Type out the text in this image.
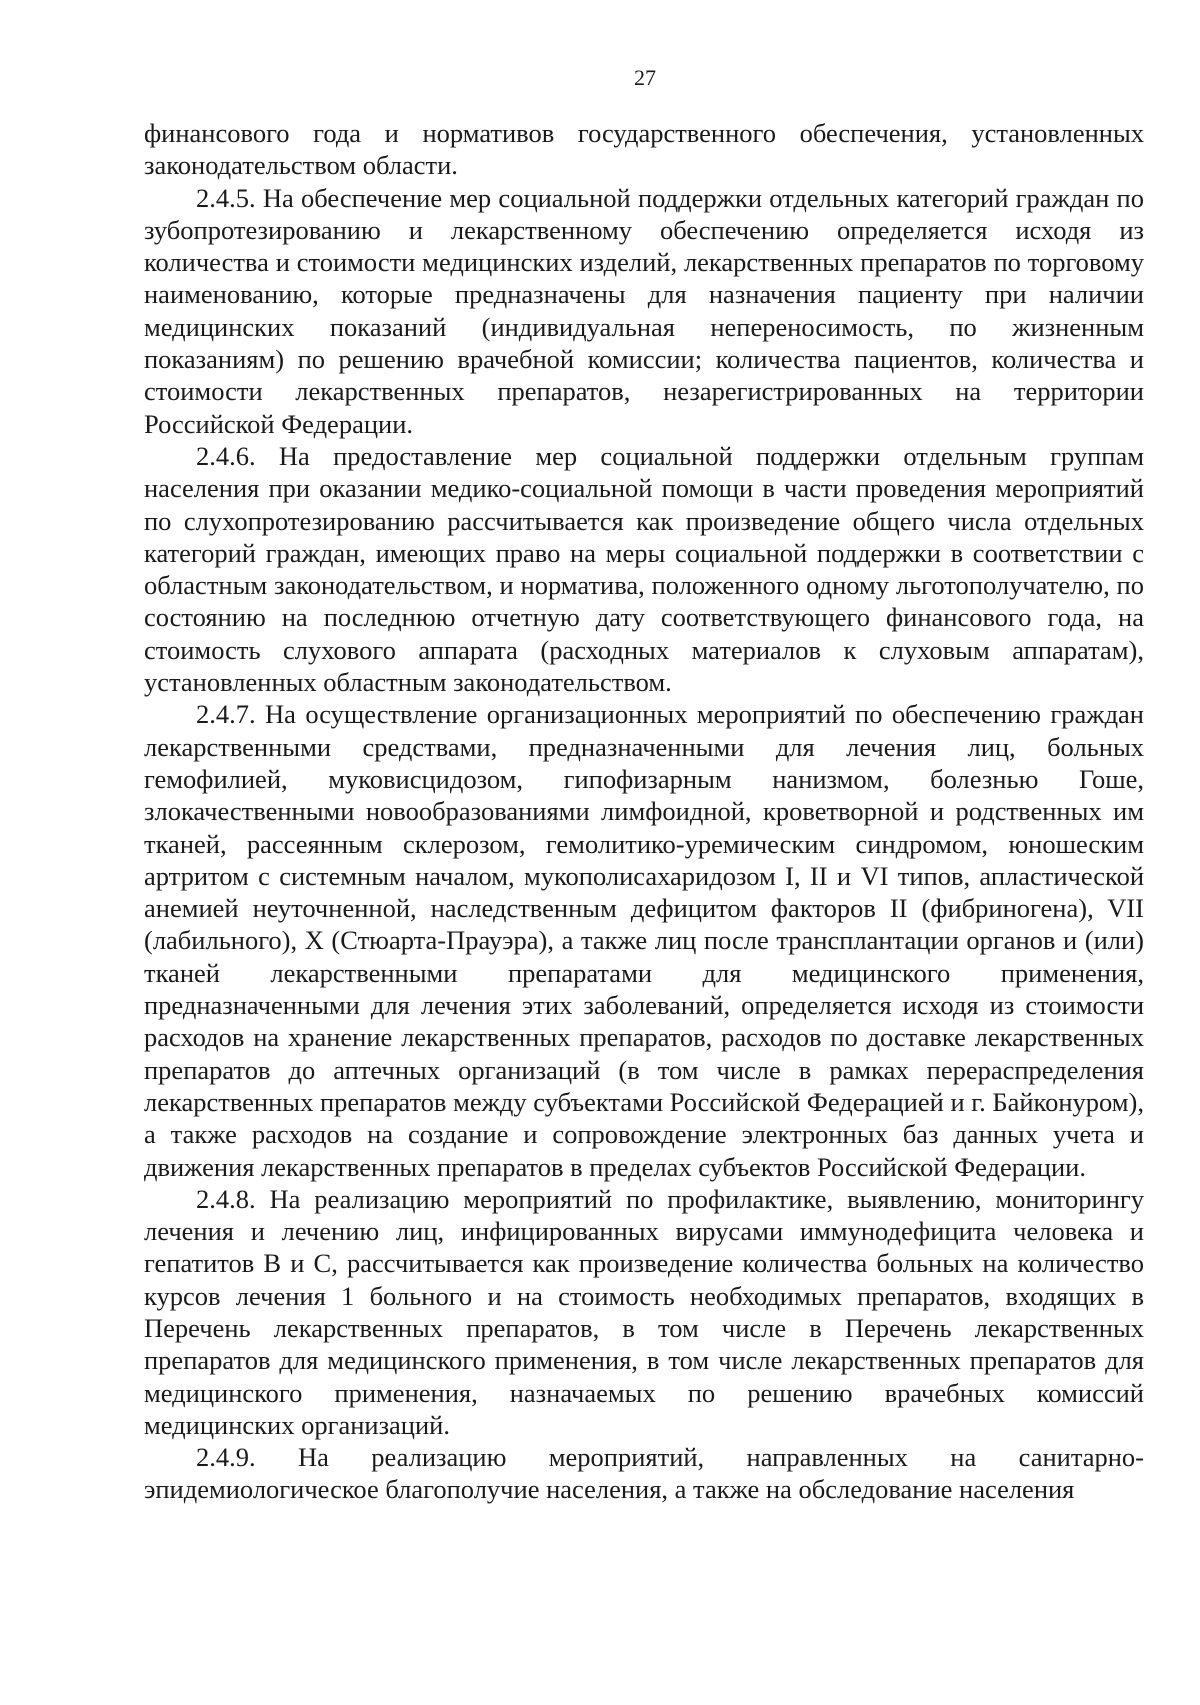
27

финансового года и нормативов государственного обеспечения, установленных законодательством области.

2.4.5. На обеспечение мер социальной поддержки отдельных категорий граждан по зубопротезированию и лекарственному обеспечению определяется исходя из количества и стоимости медицинских изделий, лекарственных препаратов по торговому наименованию, которые предназначены для назначения пациенту при наличии медицинских показаний (индивидуальная непереносимость, по жизненным показаниям) по решению врачебной комиссии; количества пациентов, количества и стоимости лекарственных препаратов, незарегистрированных на территории Российской Федерации.

2.4.6. На предоставление мер социальной поддержки отдельным группам населения при оказании медико-социальной помощи в части проведения мероприятий по слухопротезированию рассчитывается как произведение общего числа отдельных категорий граждан, имеющих право на меры социальной поддержки в соответствии с областным законодательством, и норматива, положенного одному льготополучателю, по состоянию на последнюю отчетную дату соответствующего финансового года, на стоимость слухового аппарата (расходных материалов к слуховым аппаратам), установленных областным законодательством.

2.4.7. На осуществление организационных мероприятий по обеспечению граждан лекарственными средствами, предназначенными для лечения лиц, больных гемофилией, муковисцидозом, гипофизарным нанизмом, болезнью Гоше, злокачественными новообразованиями лимфоидной, кроветворной и родственных им тканей, рассеянным склерозом, гемолитико-уремическим синдромом, юношеским артритом с системным началом, мукополисахаридозом I, II и VI типов, апластической анемией неуточненной, наследственным дефицитом факторов II (фибриногена), VII (лабильного), X (Стюарта-Прауэра), а также лиц после трансплантации органов и (или) тканей лекарственными препаратами для медицинского применения, предназначенными для лечения этих заболеваний, определяется исходя из стоимости расходов на хранение лекарственных препаратов, расходов по доставке лекарственных препаратов до аптечных организаций (в том числе в рамках перераспределения лекарственных препаратов между субъектами Российской Федерацией и г. Байконуром), а также расходов на создание и сопровождение электронных баз данных учета и движения лекарственных препаратов в пределах субъектов Российской Федерации.

2.4.8. На реализацию мероприятий по профилактике, выявлению, мониторингу лечения и лечению лиц, инфицированных вирусами иммунодефицита человека и гепатитов В и С, рассчитывается как произведение количества больных на количество курсов лечения 1 больного и на стоимость необходимых препаратов, входящих в Перечень лекарственных препаратов, в том числе в Перечень лекарственных препаратов для медицинского применения, в том числе лекарственных препаратов для медицинского применения, назначаемых по решению врачебных комиссий медицинских организаций.

2.4.9. На реализацию мероприятий, направленных на санитарно-эпидемиологическое благополучие населения, а также на обследование населения
